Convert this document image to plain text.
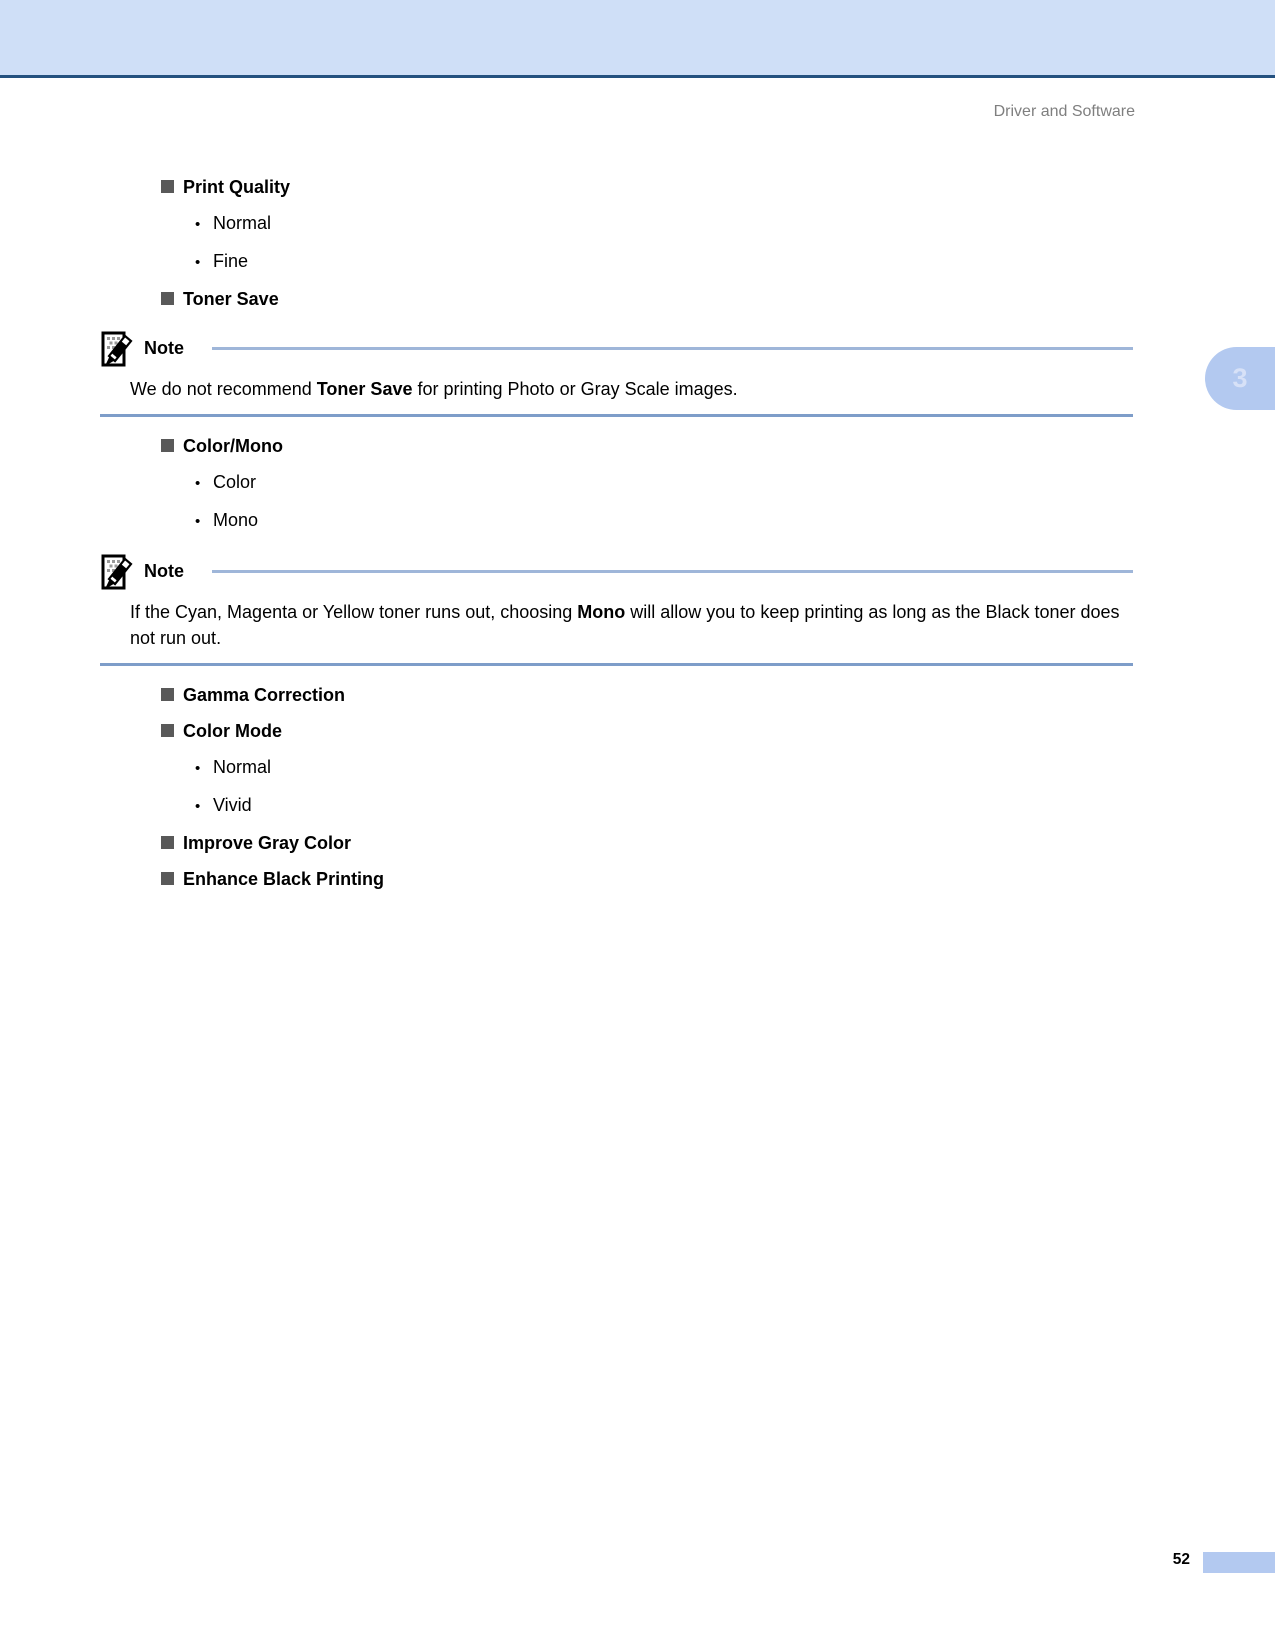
Driver and Software
3
Print Quality

• Normal

• Fine

Toner Save

Note

We do not recommend Toner Save for printing Photo or Gray Scale images.

Color/Mono

• Color

• Mono

Note

If the Cyan, Magenta or Yellow toner runs out, choosing Mono will allow you to keep printing as long as the Black toner does not run out.

Gamma Correction

Color Mode

• Normal

• Vivid

Improve Gray Color

Enhance Black Printing

52
